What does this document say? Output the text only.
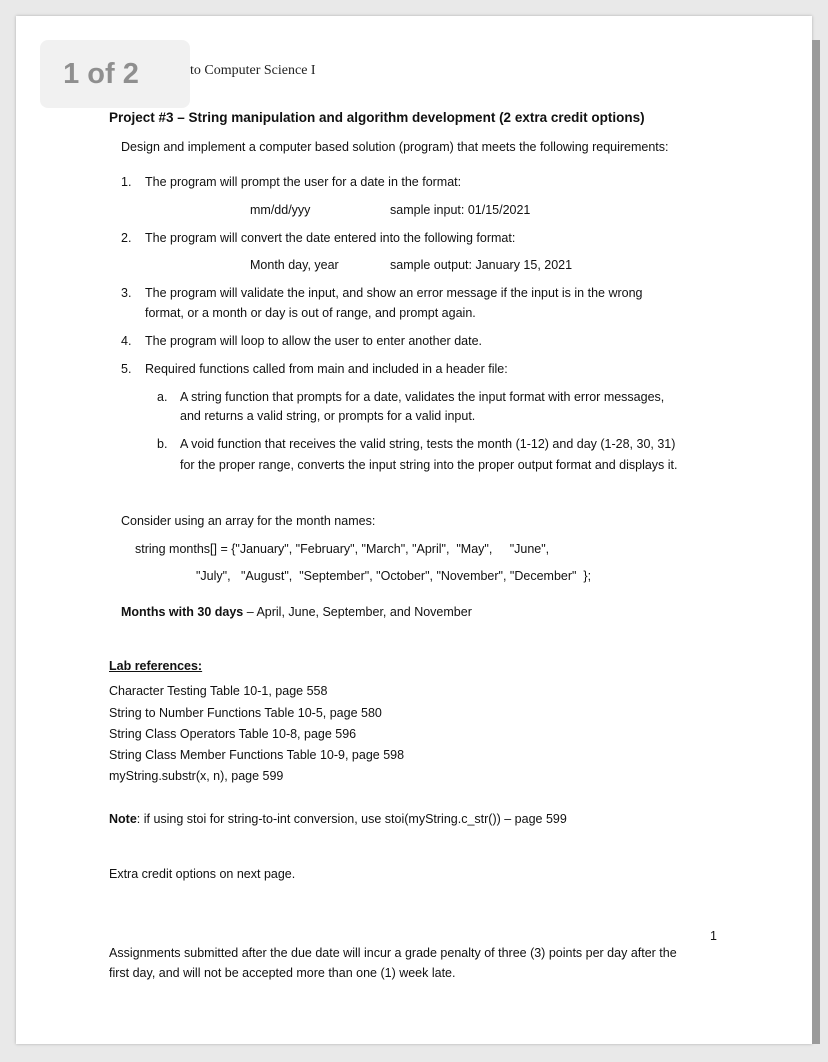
to Computer Science I
1 of 2
Project #3 – String manipulation and algorithm development (2 extra credit options)
Design and implement a computer based solution (program) that meets the following requirements:
1. The program will prompt the user for a date in the format:
mm/dd/yyy	sample input: 01/15/2021
2. The program will convert the date entered into the following format:
Month day, year	sample output: January 15, 2021
3. The program will validate the input, and show an error message if the input is in the wrong
format, or a month or day is out of range, and prompt again.
4. The program will loop to allow the user to enter another date.
5. Required functions called from main and included in a header file:
a. A string function that prompts for a date, validates the input format with error messages,
and returns a valid string, or prompts for a valid input.
b. A void function that receives the valid string, tests the month (1-12) and day (1-28, 30, 31)
for the proper range, converts the input string into the proper output format and displays it.
Consider using an array for the month names:
string months[] = {"January", "February", "March", "April",  "May",     "June",
"July",   "August",  "September", "October", "November", "December"  };
Months with 30 days – April, June, September, and November
Lab references:
Character Testing Table 10-1, page 558
String to Number Functions Table 10-5, page 580
String Class Operators Table 10-8, page 596
String Class Member Functions Table 10-9, page 598
myString.substr(x, n), page 599
Note: if using stoi for string-to-int conversion, use stoi(myString.c_str()) – page 599
Extra credit options on next page.
1
Assignments submitted after the due date will incur a grade penalty of three (3) points per day after the
first day, and will not be accepted more than one (1) week late.
